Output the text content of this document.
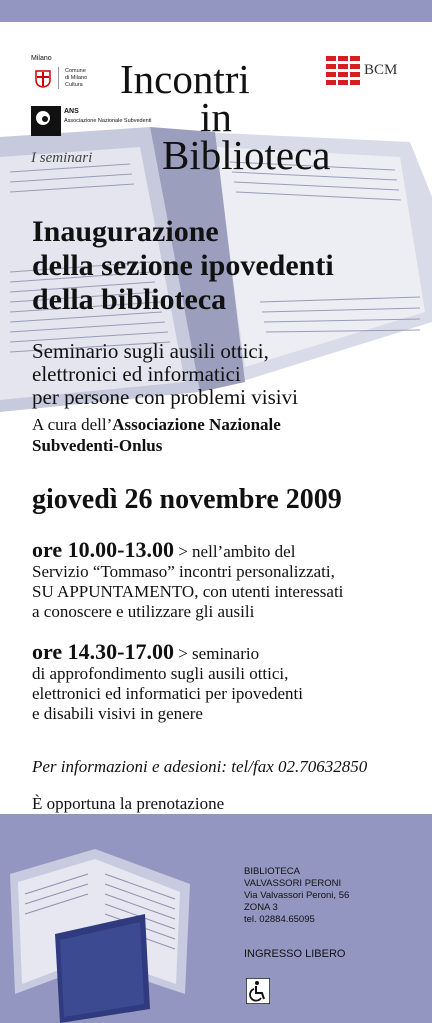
Milano
Comune
di Milano
Cultura
ANS
Associazione Nazionale Subvedenti
I seminari
Incontri
in
Biblioteca
BCM
Inaugurazione
della sezione ipovedenti
della biblioteca
Seminario sugli ausili ottici,
elettronici ed informatici
per persone con problemi visivi
A cura dell’Associazione Nazionale
Subvedenti-Onlus
giovedì 26 novembre 2009
ore 10.00-13.00 > nell’ambito del
Servizio “Tommaso” incontri personalizzati,
SU APPUNTAMENTO, con utenti interessati
a conoscere e utilizzare gli ausili
ore 14.30-17.00 > seminario
di approfondimento sugli ausili ottici,
elettronici ed informatici per ipovedenti
e disabili visivi in genere
Per informazioni e adesioni: tel/fax 02.70632850
È opportuna la prenotazione
BIBLIOTECA
VALVASSORI PERONI
Via Valvassori Peroni, 56
ZONA 3
tel. 02884.65095
INGRESSO LIBERO
